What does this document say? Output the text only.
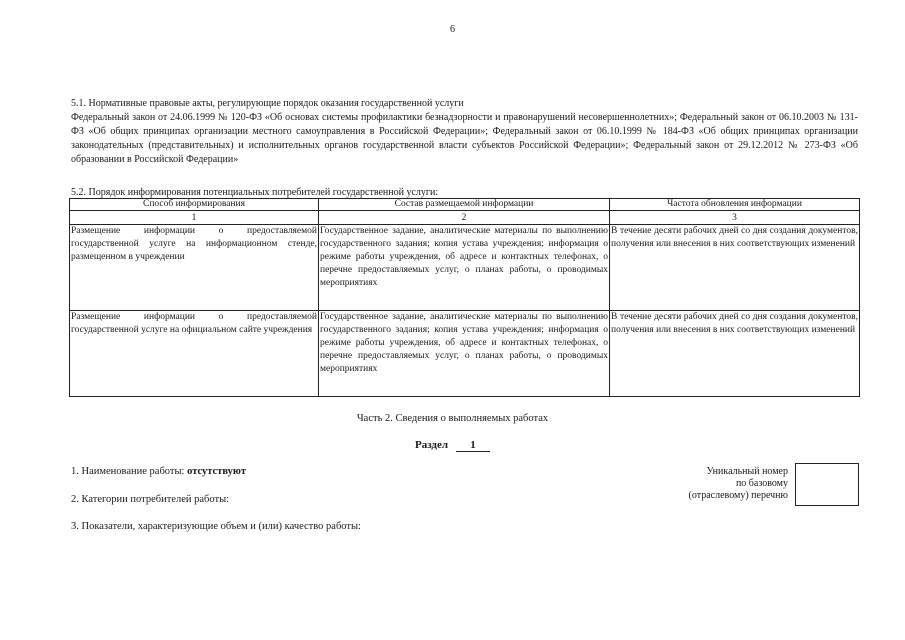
6
5.1. Нормативные правовые акты, регулирующие порядок оказания государственной услуги
Федеральный закон от 24.06.1999 № 120-ФЗ «Об основах системы профилактики безнадзорности и правонарушений несовершеннолетних»; Федеральный закон от 06.10.2003 № 131-ФЗ «Об общих принципах организации местного самоуправления в Российской Федерации»; Федеральный закон от 06.10.1999 № 184-ФЗ «Об общих принципах организации законодательных (представительных) и исполнительных органов государственной власти субъектов Российской Федерации»; Федеральный закон от 29.12.2012 № 273-ФЗ «Об образовании в Российской Федерации»
5.2. Порядок информирования потенциальных потребителей государственной услуги:
Способ информирования	Состав размещаемой информации	Частота обновления информации
1	2	3
Размещение информации о предоставляемой государственной услуге на информационном стенде, размещенном в учреждении	Государственное задание, аналитические материалы по выполнению государственного задания; копия устава учреждения; информация о режиме работы учреждения, об адресе и контактных телефонах, о перечне предоставляемых услуг, о планах работы, о проводимых мероприятиях	В течение десяти рабочих дней со дня создания документов, получения или внесения в них соответствующих изменений
Размещение информации о предоставляемой государственной услуге на официальном сайте учреждения	Государственное задание, аналитические материалы по выполнению государственного задания; копия устава учреждения; информация о режиме работы учреждения, об адресе и контактных телефонах, о перечне предоставляемых услуг, о планах работы, о проводимых мероприятиях	В течение десяти рабочих дней со дня создания документов, получения или внесения в них соответствующих изменений
Часть 2. Сведения о выполняемых работах
Раздел 1
1. Наименование работы: отсутствуют
2. Категории потребителей работы:
3. Показатели, характеризующие объем и (или) качество работы:
Уникальный номер
по базовому
(отраслевому) перечню
